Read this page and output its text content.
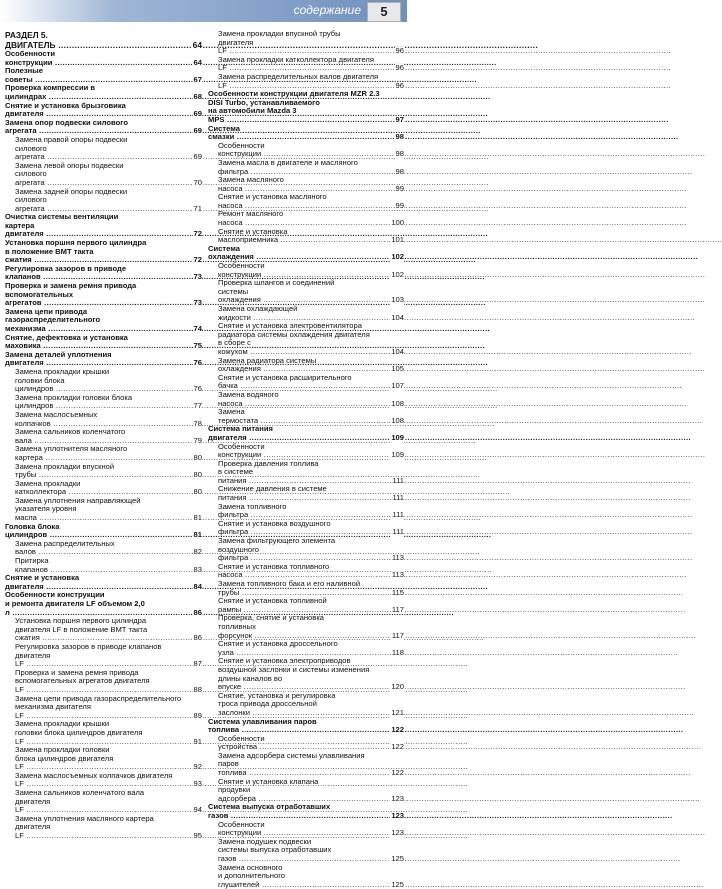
содержание	5
РАЗДЕЛ 5. ДВИГАТЕЛЬ .....	64
Особенности конструкции .....	64
Полезные советы .....	67
Проверка компрессии в цилиндрах .....	68
Снятие и установка брызговика двигателя .....	69
Замена опор подвески силового агрегата .....	69
Замена правой опоры подвески
силового агрегата .....	69
Замена левой опоры подвески
силового агрегата .....	70
Замена задней опоры подвески
силового агрегата .....	71
Очистка системы вентиляции
картера двигателя .....	72
Установка поршня первого цилиндра
в положение ВМТ такта сжатия .....	72
Регулировка зазоров в приводе клапанов .....	73
Проверка и замена ремня привода
вспомогательных агрегатов .....	73
Замена цепи привода
газораспределительного механизма .....	74
Снятие, дефектовка и установка маховика .....	75
Замена деталей уплотнения двигателя .....	76
Замена прокладки крышки
головки блока цилиндров .....	76
Замена прокладки головки блока цилиндров .....	77
Замена маслосъемных колпачков .....	78
Замена сальников коленчатого вала .....	79
Замена уплотнителя масляного картера .....	80
Замена прокладки впускной трубы .....	80
Замена прокладки катколлектора .....	80
Замена уплотнения направляющей
указателя уровня масла .....	81
Головка блока цилиндров .....	81
Замена распределительных валов .....	82
Притирка клапанов .....	83
Снятие и установка двигателя .....	84
Особенности конструкции
и ремонта двигателя LF объемом 2,0 л .....	86
Установка поршня первого цилиндра
двигателя LF в положение ВМТ такта сжатия .....	86
Регулировка зазоров в приводе клапанов
двигателя LF .....	87
Проверка и замена ремня привода
вспомогательных агрегатов двигателя LF .....	88
Замена цепи привода газораспределительного
механизма двигателя LF .....	89
Замена прокладки крышки
головки блока цилиндров двигателя LF .....	91
Замена прокладки головки
блока цилиндров двигателя LF .....	92
Замена маслосъемных колпачков двигателя LF .....	93
Замена сальников коленчатого вала
двигателя LF .....	94
Замена уплотнения масляного картера
двигателя LF .....	95
Замена прокладки впускной трубы
двигателя LF .....	96
Замена прокладки катколлектора двигателя LF .....	96
Замена распределительных валов двигателя LF .....	96
Особенности конструкции двигателя MZR 2.3
DISI Turbo, устанавливаемого
на автомобили Mazda 3 MPS .....	97
Система смазки .....	98
Особенности конструкции .....	98
Замена масла в двигателе и масляного фильтра .....	98
Замена масляного насоса .....	99
Снятие и установка масляного насоса .....	99
Ремонт масляного насоса .....	100
Снятие и установка маслоприемника .....	101
Система охлаждения .....	102
Особенности конструкции .....	102
Проверка шлангов и соединений
системы охлаждения .....	103
Замена охлаждающей жидкости .....	104
Снятие и установка электровентилятора
радиатора системы охлаждения двигателя
в сборе с кожухом .....	104
Замена радиатора системы охлаждения .....	105
Снятие и установка расширительного бачка .....	107
Замена водяного насоса .....	108
Замена термостата .....	108
Система питания двигателя .....	109
Особенности конструкции .....	109
Проверка давления топлива
в системе питания .....	111
Снижение давления в системе питания .....	111
Замена топливного фильтра .....	111
Снятие и установка воздушного фильтра .....	111
Замена фильтрующего элемента
воздушного фильтра .....	113
Снятие и установка топливного насоса .....	113
Замена топливного бака и его наливной трубы .....	115
Снятие и установка топливной рампы .....	117
Проверка, снятие и установка
топливных форсунок .....	117
Снятие и установка дроссельного узла .....	118
Снятие и установка электроприводов
воздушной заслонки и системы изменения
длины каналов во впуске .....	120
Снятие, установка и регулировка
троса привода дроссельной заслонки .....	121
Система улавливания паров топлива .....	122
Особенности устройства .....	122
Замена адсорбера системы улавливания
паров топлива .....	122
Снятие и установка клапана
продувки адсорбера .....	123
Система выпуска отработавших газов .....	123
Особенности конструкции .....	123
Замена подушек подвески
системы выпуска отработавших газов .....	125
Замена основного
и дополнительного глушителей .....	125
